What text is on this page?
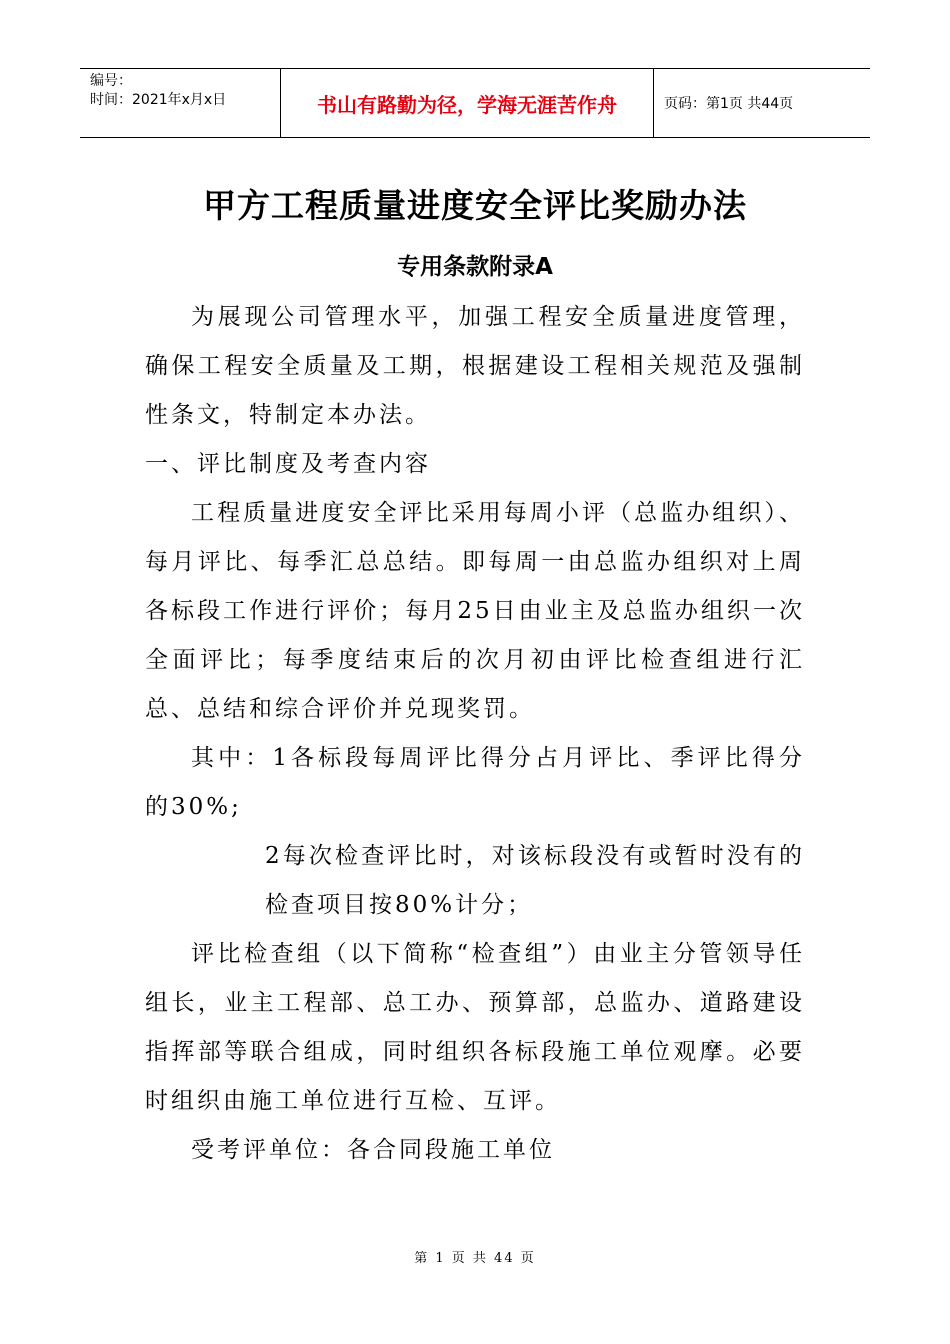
编号：
时间：2021年x月x日	书山有路勤为径，学海无涯苦作舟	页码：第1页 共44页
甲方工程质量进度安全评比奖励办法
专用条款附录A

为展现公司管理水平，加强工程安全质量进度管理，确保工程安全质量及工期，根据建设工程相关规范及强制性条文，特制定本办法。

一、评比制度及考查内容

工程质量进度安全评比采用每周小评（总监办组织）、每月评比、每季汇总总结。即每周一由总监办组织对上周各标段工作进行评价；每月25日由业主及总监办组织一次全面评比；每季度结束后的次月初由评比检查组进行汇总、总结和综合评价并兑现奖罚。

其中：1各标段每周评比得分占月评比、季评比得分的30%;

2每次检查评比时，对该标段没有或暂时没有的检查项目按80%计分；

评比检查组（以下简称“检查组”）由业主分管领导任组长，业主工程部、总工办、预算部，总监办、道路建设指挥部等联合组成，同时组织各标段施工单位观摩。必要时组织由施工单位进行互检、互评。

受考评单位：各合同段施工单位

第 1 页 共 44 页
